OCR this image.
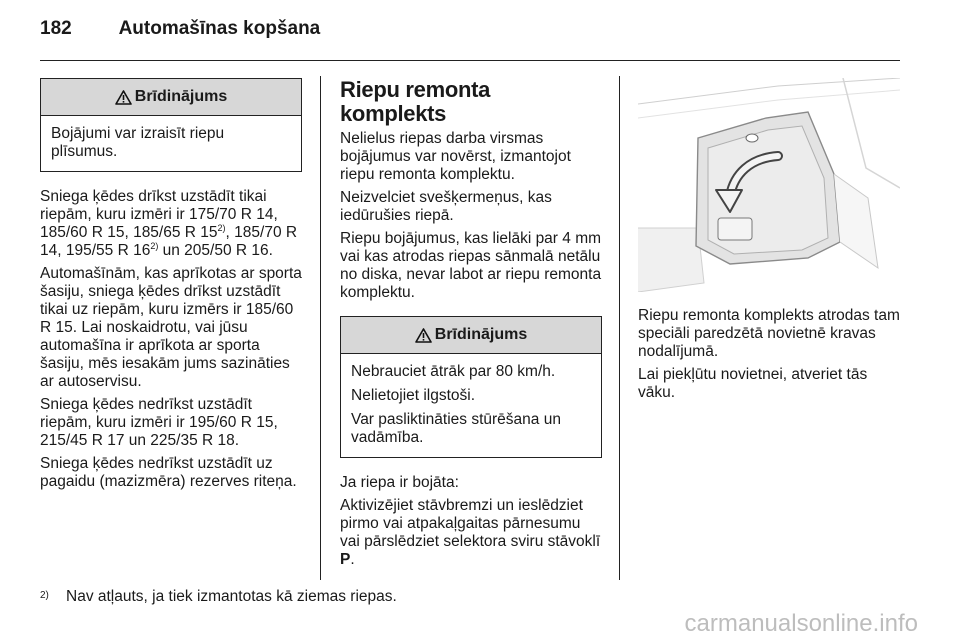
182 Automašīnas kopšana
Brīdinājums

Bojājumi var izraisīt riepu plīsumus.

Sniega ķēdes drīkst uzstādīt tikai riepām, kuru izmēri ir 175/70 R 14, 185/60 R 15, 185/65 R 15$^{2)}$, 185/70 R 14, 195/55 R 16$^{2)}$ un 205/50 R 16.

Automašīnām, kas aprīkotas ar sporta šasiju, sniega ķēdes drīkst uzstādīt tikai uz riepām, kuru izmērs ir 185/60 R 15. Lai noskaidrotu, vai jūsu automašīna ir aprīkota ar sporta šasiju, mēs iesakām jums sazināties ar autoservisu.

Sniega ķēdes nedrīkst uzstādīt riepām, kuru izmēri ir 195/60 R 15, 215/45 R 17 un 225/35 R 18.

Sniega ķēdes nedrīkst uzstādīt uz pagaidu (mazizmēra) rezerves riteņa.

Riepu remonta komplekts

Nelielus riepas darba virsmas bojājumus var novērst, izmantojot riepu remonta komplektu.

Neizvelciet svešķermeņus, kas iedūrušies riepā.

Riepu bojājumus, kas lielāki par 4 mm vai kas atrodas riepas sānmalā netālu no diska, nevar labot ar riepu remonta komplektu.

Brīdinājums

Nebrauciet ātrāk par 80 km/h.

Nelietojiet ilgstoši.

Var pasliktināties stūrēšana un vadāmība.

Ja riepa ir bojāta:

Aktivizējiet stāvbremzi un ieslēdziet pirmo vai atpakaļgaitas pārnesumu vai pārslēdziet selektora sviru stāvoklī P.

Riepu remonta komplekts atrodas tam speciāli paredzētā novietnē kravas nodalījumā.

Lai piekļūtu novietnei, atveriet tās vāku.

2) Nav atļauts, ja tiek izmantotas kā ziemas riepas.
carmanualsonline.info
